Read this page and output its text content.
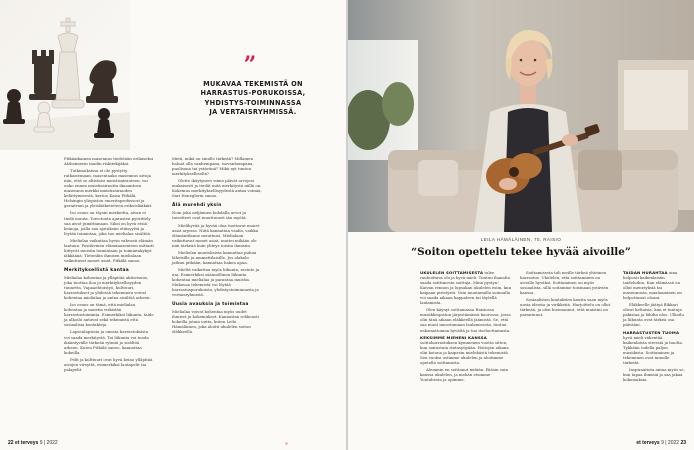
”
MUKAVAA TEKEMISTÄ ON HARRASTUS-PORUKOISSA, YHDISTYS-TOIMINNASSA JA VERTAISRYHMISSÄ.

Pitkäaikainen masennus tiedetään erilaiseksi Alzheimerin taudin riskitekijäksi.

Tutkimuksissa ei ole pystytty ratkaisemaan, masentaako masennus aivoja niin, että se altistaisi muistisairauteen, vai onko ennen muistisairautta ilmaantuva masennus merkki muistisairauden kehittymisestä, kertoo Kaisu Pitkälä, Helsingin yliopiston emeritaprofessori ja geriatrian ja yleislääketieteen erikoislääkäri.

Iso osuus on täysin merkeitta, aivan ei tiedä muuta. Toivotonta ajatusten pyörittely saa aivot jumittamaan. Siksi on hyvä etsiä keinoja, joilla saa ajatuksiin etäisyyttä ja löytää toimintaa, joka tuo mielialaa sisältöä.

Mielialaa vaikuttaa hyvin vahvasti elämän laatuun. Positiivinen elämänasenteen mittarit liittyvät muistin toimintaan ja toimintakykyä iäkkäänä. Tietenkin ihmisen mielialaan vaikuttavat monet asiat, Pitkälä sanoo.

Merkityksellistä kantaa

Mielialaa kohentaa ja ylläpitää aktiivisuus, joka tuottaa iloa ja merkityksellisyyden tunnetta. Vapaaehtoistyö, kulttuuri, harrastukset ja yhdessä tekeminen voivat kohentaa mielialaa ja antaa sisältöä arkeen.

Iso osuus on tämä, että mielialaa kohentaa ja muistia virkistää harrastustoiminta. Esimerkiksi liikunta, taide ja ulkoilu antavat sekä tekemistä että sosiaalisia kontakteja.

Lapsenlapsista ja omista harrastuksista voi saada merkitystä. Tai liikunta voi tuoda ikääntyvälle tärkeää rytmiä ja sisältöä arkeen. Kuten Pitkälä sanoo, kannattaa kokeilla.

Pelit ja kulttuuri ovat hyvä keino ylläpitää aivojen vireyttä, esimerkiksi lautapelit tai palapelit.

Mieti, mikä on sinulle tärkeää? Millainen haluat olla vanhempana, isovanhempana, puolisona tai ystävänä? Mikä nyt tuntuu merkitykselliseltä?

Olette ikäytyneet viime päivät arvojesi mukaisesti ja tiedät mitä merkitystä niillä on. Kokemus merkityksellisyydestä antaa voimia, Sari Honeglerin sanoo.

Älä murehdi yksin

Noin joka neljännen kohdalla arvot ja tavoitteet ovat muuttuneet iän myötä.

Mielihyvää ja hyvää oloa tuottavat monet asiat arjessa. Niitä kannattaa vaalia, vaikka elämäntilanne muuttuisi. Mielialaan vaikuttavat monet asiat, muttei mikään ole niin tärkeää kuin yhteys toisiin ihmisiin.

Mielialan muutoksista kannattaa puhua läheisille ja ammattilaisille. Jos alakulo jatkuu pitkään, kannattaa hakea apua.

Mieltä vaikuttaa myös liikunta, ravinto ja uni. Esimerkiksi säännöllinen liikunta kohentaa mielialaa ja parantaa muistia. Mukavaa tekemistä voi löytää harrastusporukoista, yhdistystoiminnasta ja vertaisryhmistä.

Uusia avauksia ja toimintaa

Mielialaa voivat kohentaa myös uudet ihmiset ja kokemukset. Kannattaa rohkeasti kokeilla jotain uutta, kuten Leila Hämäläinen, joka aloitti ukulelen soiton eläkkeellä.

»
22 et terveys 9 | 2022
LEILA HÄMÄLÄINEN, 70, RAISIO
“Soiton opettelu tekee hyvää aivoille”

UKULELEN SOITTAMISESTA tulee rauhoittava olo ja hyvä mieli. Tuntuu ihanalta saada soittimesta soittuja. Minä pystyn! Kaivan rennon ja lupsakan ukulelen esiin, kun kaipaan piristystä. Vain muutamalla soinnulla voi saada aikaan kappaleen tai täytellä laulamista.

Olen käynyt soittamassa Raisiossa musiikkiopiston järjestämässä kuorossa, jossa olin tänä aikaan eläkkeellä jäämistä. Se, että saa muut innostumaan laulamisesta, tuntuu uskomattoman hyvältä ja tuo itseluottamusta.

KEKSIMME MIEHENI KANSSA soittoharrastuksen kymmenen vuotta sitten, kun sairastuin rintasyöpään. Hoitojen aikana olin kotona ja kaipasin mielekästä tekemistä. Sen vuoksi ostimme ukulelen ja aloitimme opetella soittamista.

Alemmin en soittanut mitään. Pääsin vain kanssa ukulelen, ja mehän etsimme Youtubesta ja opimme.

Soittamisesta tuli meille tärkeä yhteinen harrastus. Ukulelen, että soittaminen on aivoille hyväksi. Soittaminen on myös sosiaalista, sillä soitamme toisinaan ystävien kanssa.

Sosiaalisten kontaktien kautta saan myös uusia ideoita ja virikkeitä. Harjoittelu on ollut tärkeää, ja olen huomannut, että muistini on parantunut.

TAIDAN HURAHTAA aina helposti kaikenlaisiin taideluihin. Kun elämässä on ollut menetyksiä tai masennusta, maalaaminen on helpottanut oloani.

Eläkkeelle jäätyä flikkari olivat keltaisia, kun ei tuntuja pakistaa ja lähdin ulos. Ulkoilu ja liikunta ovat tärkeä osa päivääni.

HARRASTUSTEN TUOMA hyvä mieli vähentää kaikenlaista stressiä ja huolta. Tykkään todella paljon musiikista. Soittaminen ja tekeminen ovat minulle tärkeitä.

Inspiraatiota antaa myös se, kun tapaa ihmisiä ja saa jakaa kokemuksia.

et terveys 9 | 2022 23
